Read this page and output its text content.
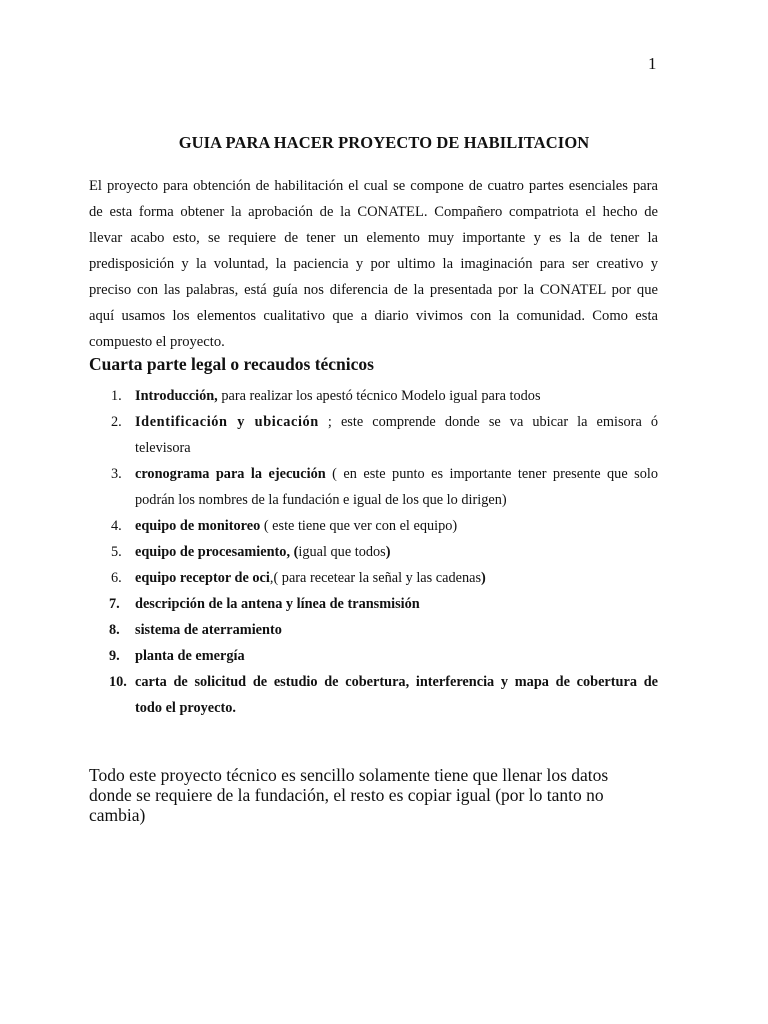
1
GUIA PARA HACER PROYECTO DE HABILITACION
El proyecto para obtención de habilitación el cual se compone de cuatro partes esenciales para
de esta forma obtener la aprobación de la CONATEL. Compañero compatriota el hecho de
llevar acabo esto, se requiere de tener un elemento muy importante y es la de tener la
predisposición y la voluntad, la paciencia y por ultimo la imaginación para ser creativo y
preciso con las palabras, está guía nos diferencia de la presentada por la CONATEL por que
aquí usamos los elementos cualitativo que a diario vivimos con la comunidad. Como esta
compuesto el proyecto.
Cuarta parte legal o recaudos técnicos
1. Introducción, para realizar los apestó técnico Modelo igual para todos
2. Identificación y ubicación ; este comprende donde se va ubicar la emisora ó
televisora
3. cronograma para la ejecución ( en este punto es importante tener presente que solo
podrán los nombres de la fundación e igual de los que lo dirigen)
4. equipo de monitoreo ( este tiene que ver con el equipo)
5. equipo de procesamiento, (igual que todos)
6. equipo receptor de oci,( para recetear la señal y las cadenas)
7. descripción de la antena y línea de transmisión
8. sistema de aterramiento
9. planta de emergía
10. carta de solicitud de estudio de cobertura, interferencia y mapa de cobertura de
todo el proyecto.
Todo este proyecto técnico es sencillo solamente tiene que llenar los datos
donde se requiere de la fundación, el resto es copiar igual (por lo tanto no
cambia)
